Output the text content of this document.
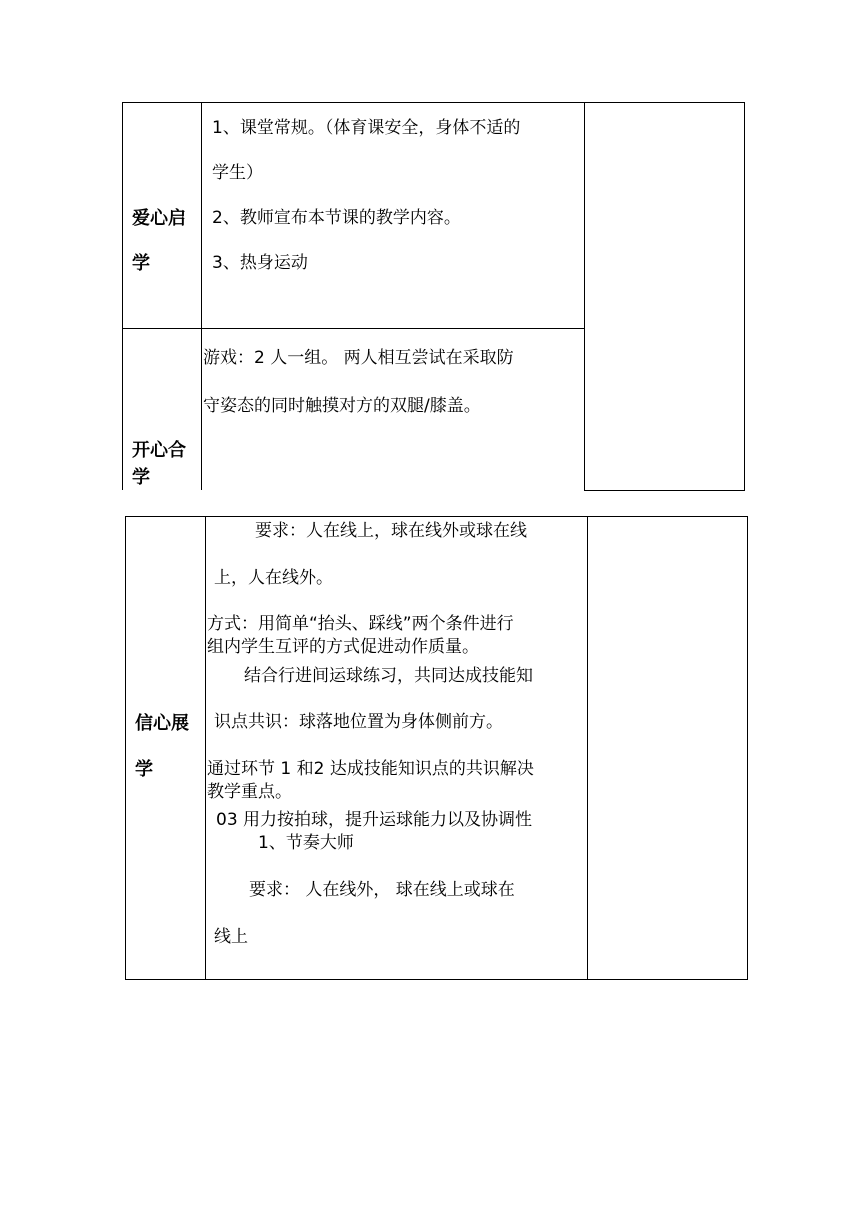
爱心启
学
1、课堂常规。（体育课安全，身体不适的
学生）
2、教师宣布本节课的教学内容。
3、热身运动
开心合
学
游戏：2 人一组。 两人相互尝试在采取防
守姿态的同时触摸对方的双腿/膝盖。
信心展
学
要求：人在线上，球在线外或球在线
上，人在线外。
方式：用简单“抬头、踩线”两个条件进行
组内学生互评的方式促进动作质量。
结合行进间运球练习，共同达成技能知
识点共识：球落地位置为身体侧前方。
通过环节 1 和2 达成技能知识点的共识解决
教学重点。
03 用力按拍球，提升运球能力以及协调性
1、节奏大师
要求： 人在线外， 球在线上或球在
线上
